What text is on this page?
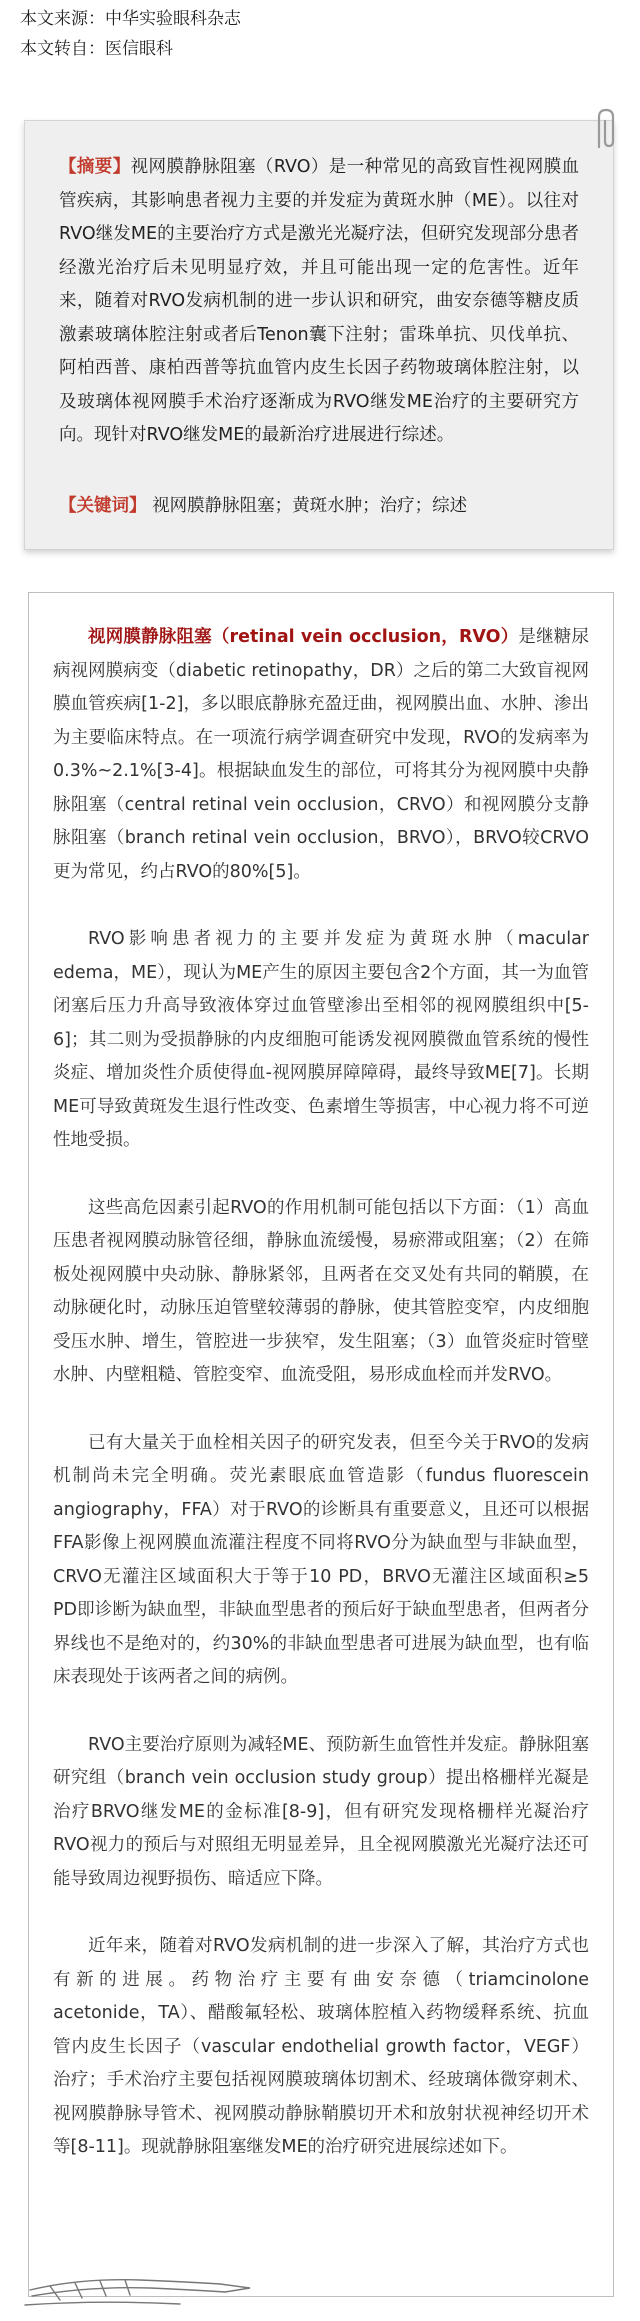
本文来源：中华实验眼科杂志
本文转自：医信眼科
【摘要】视网膜静脉阻塞（RVO）是一种常见的高致盲性视网膜血管疾病，其影响患者视力主要的并发症为黄斑水肿（ME）。以往对RVO继发ME的主要治疗方式是激光光凝疗法，但研究发现部分患者经激光治疗后未见明显疗效，并且可能出现一定的危害性。近年来，随着对RVO发病机制的进一步认识和研究，曲安奈德等糖皮质激素玻璃体腔注射或者后Tenon囊下注射；雷珠单抗、贝伐单抗、阿柏西普、康柏西普等抗血管内皮生长因子药物玻璃体腔注射，以及玻璃体视网膜手术治疗逐渐成为RVO继发ME治疗的主要研究方向。现针对RVO继发ME的最新治疗进展进行综述。
【关键词】 视网膜静脉阻塞；黄斑水肿；治疗；综述

视网膜静脉阻塞（retinal vein occlusion，RVO）是继糖尿病视网膜病变（diabetic retinopathy，DR）之后的第二大致盲视网膜血管疾病[1-2]，多以眼底静脉充盈迂曲，视网膜出血、水肿、渗出为主要临床特点。在一项流行病学调查研究中发现，RVO的发病率为0.3%~2.1%[3-4]。根据缺血发生的部位，可将其分为视网膜中央静脉阻塞（central retinal vein occlusion，CRVO）和视网膜分支静脉阻塞（branch retinal vein occlusion，BRVO），BRVO较CRVO更为常见，约占RVO的80%[5]。

RVO影响患者视力的主要并发症为黄斑水肿（macular edema，ME），现认为ME产生的原因主要包含2个方面，其一为血管闭塞后压力升高导致液体穿过血管壁渗出至相邻的视网膜组织中[5-6]；其二则为受损静脉的内皮细胞可能诱发视网膜微血管系统的慢性炎症、增加炎性介质使得血-视网膜屏障障碍，最终导致ME[7]。长期ME可导致黄斑发生退行性改变、色素增生等损害，中心视力将不可逆性地受损。

这些高危因素引起RVO的作用机制可能包括以下方面：（1）高血压患者视网膜动脉管径细，静脉血流缓慢，易瘀滞或阻塞；（2）在筛板处视网膜中央动脉、静脉紧邻，且两者在交叉处有共同的鞘膜，在动脉硬化时，动脉压迫管壁较薄弱的静脉，使其管腔变窄，内皮细胞受压水肿、增生，管腔进一步狭窄，发生阻塞；（3）血管炎症时管壁水肿、内壁粗糙、管腔变窄、血流受阻，易形成血栓而并发RVO。

已有大量关于血栓相关因子的研究发表，但至今关于RVO的发病机制尚未完全明确。荧光素眼底血管造影（fundus fluorescein angiography，FFA）对于RVO的诊断具有重要意义，且还可以根据FFA影像上视网膜血流灌注程度不同将RVO分为缺血型与非缺血型，CRVO无灌注区域面积大于等于10 PD，BRVO无灌注区域面积≥5 PD即诊断为缺血型，非缺血型患者的预后好于缺血型患者，但两者分界线也不是绝对的，约30%的非缺血型患者可进展为缺血型，也有临床表现处于该两者之间的病例。

RVO主要治疗原则为减轻ME、预防新生血管性并发症。静脉阻塞研究组（branch vein occlusion study group）提出格栅样光凝是治疗BRVO继发ME的金标准[8-9]，但有研究发现格栅样光凝治疗RVO视力的预后与对照组无明显差异，且全视网膜激光光凝疗法还可能导致周边视野损伤、暗适应下降。

近年来，随着对RVO发病机制的进一步深入了解，其治疗方式也有新的进展。药物治疗主要有曲安奈德（triamcinolone acetonide，TA）、醋酸氟轻松、玻璃体腔植入药物缓释系统、抗血管内皮生长因子（vascular endothelial growth factor，VEGF）治疗；手术治疗主要包括视网膜玻璃体切割术、经玻璃体微穿刺术、视网膜静脉导管术、视网膜动静脉鞘膜切开术和放射状视神经切开术等[8-11]。现就静脉阻塞继发ME的治疗研究进展综述如下。
